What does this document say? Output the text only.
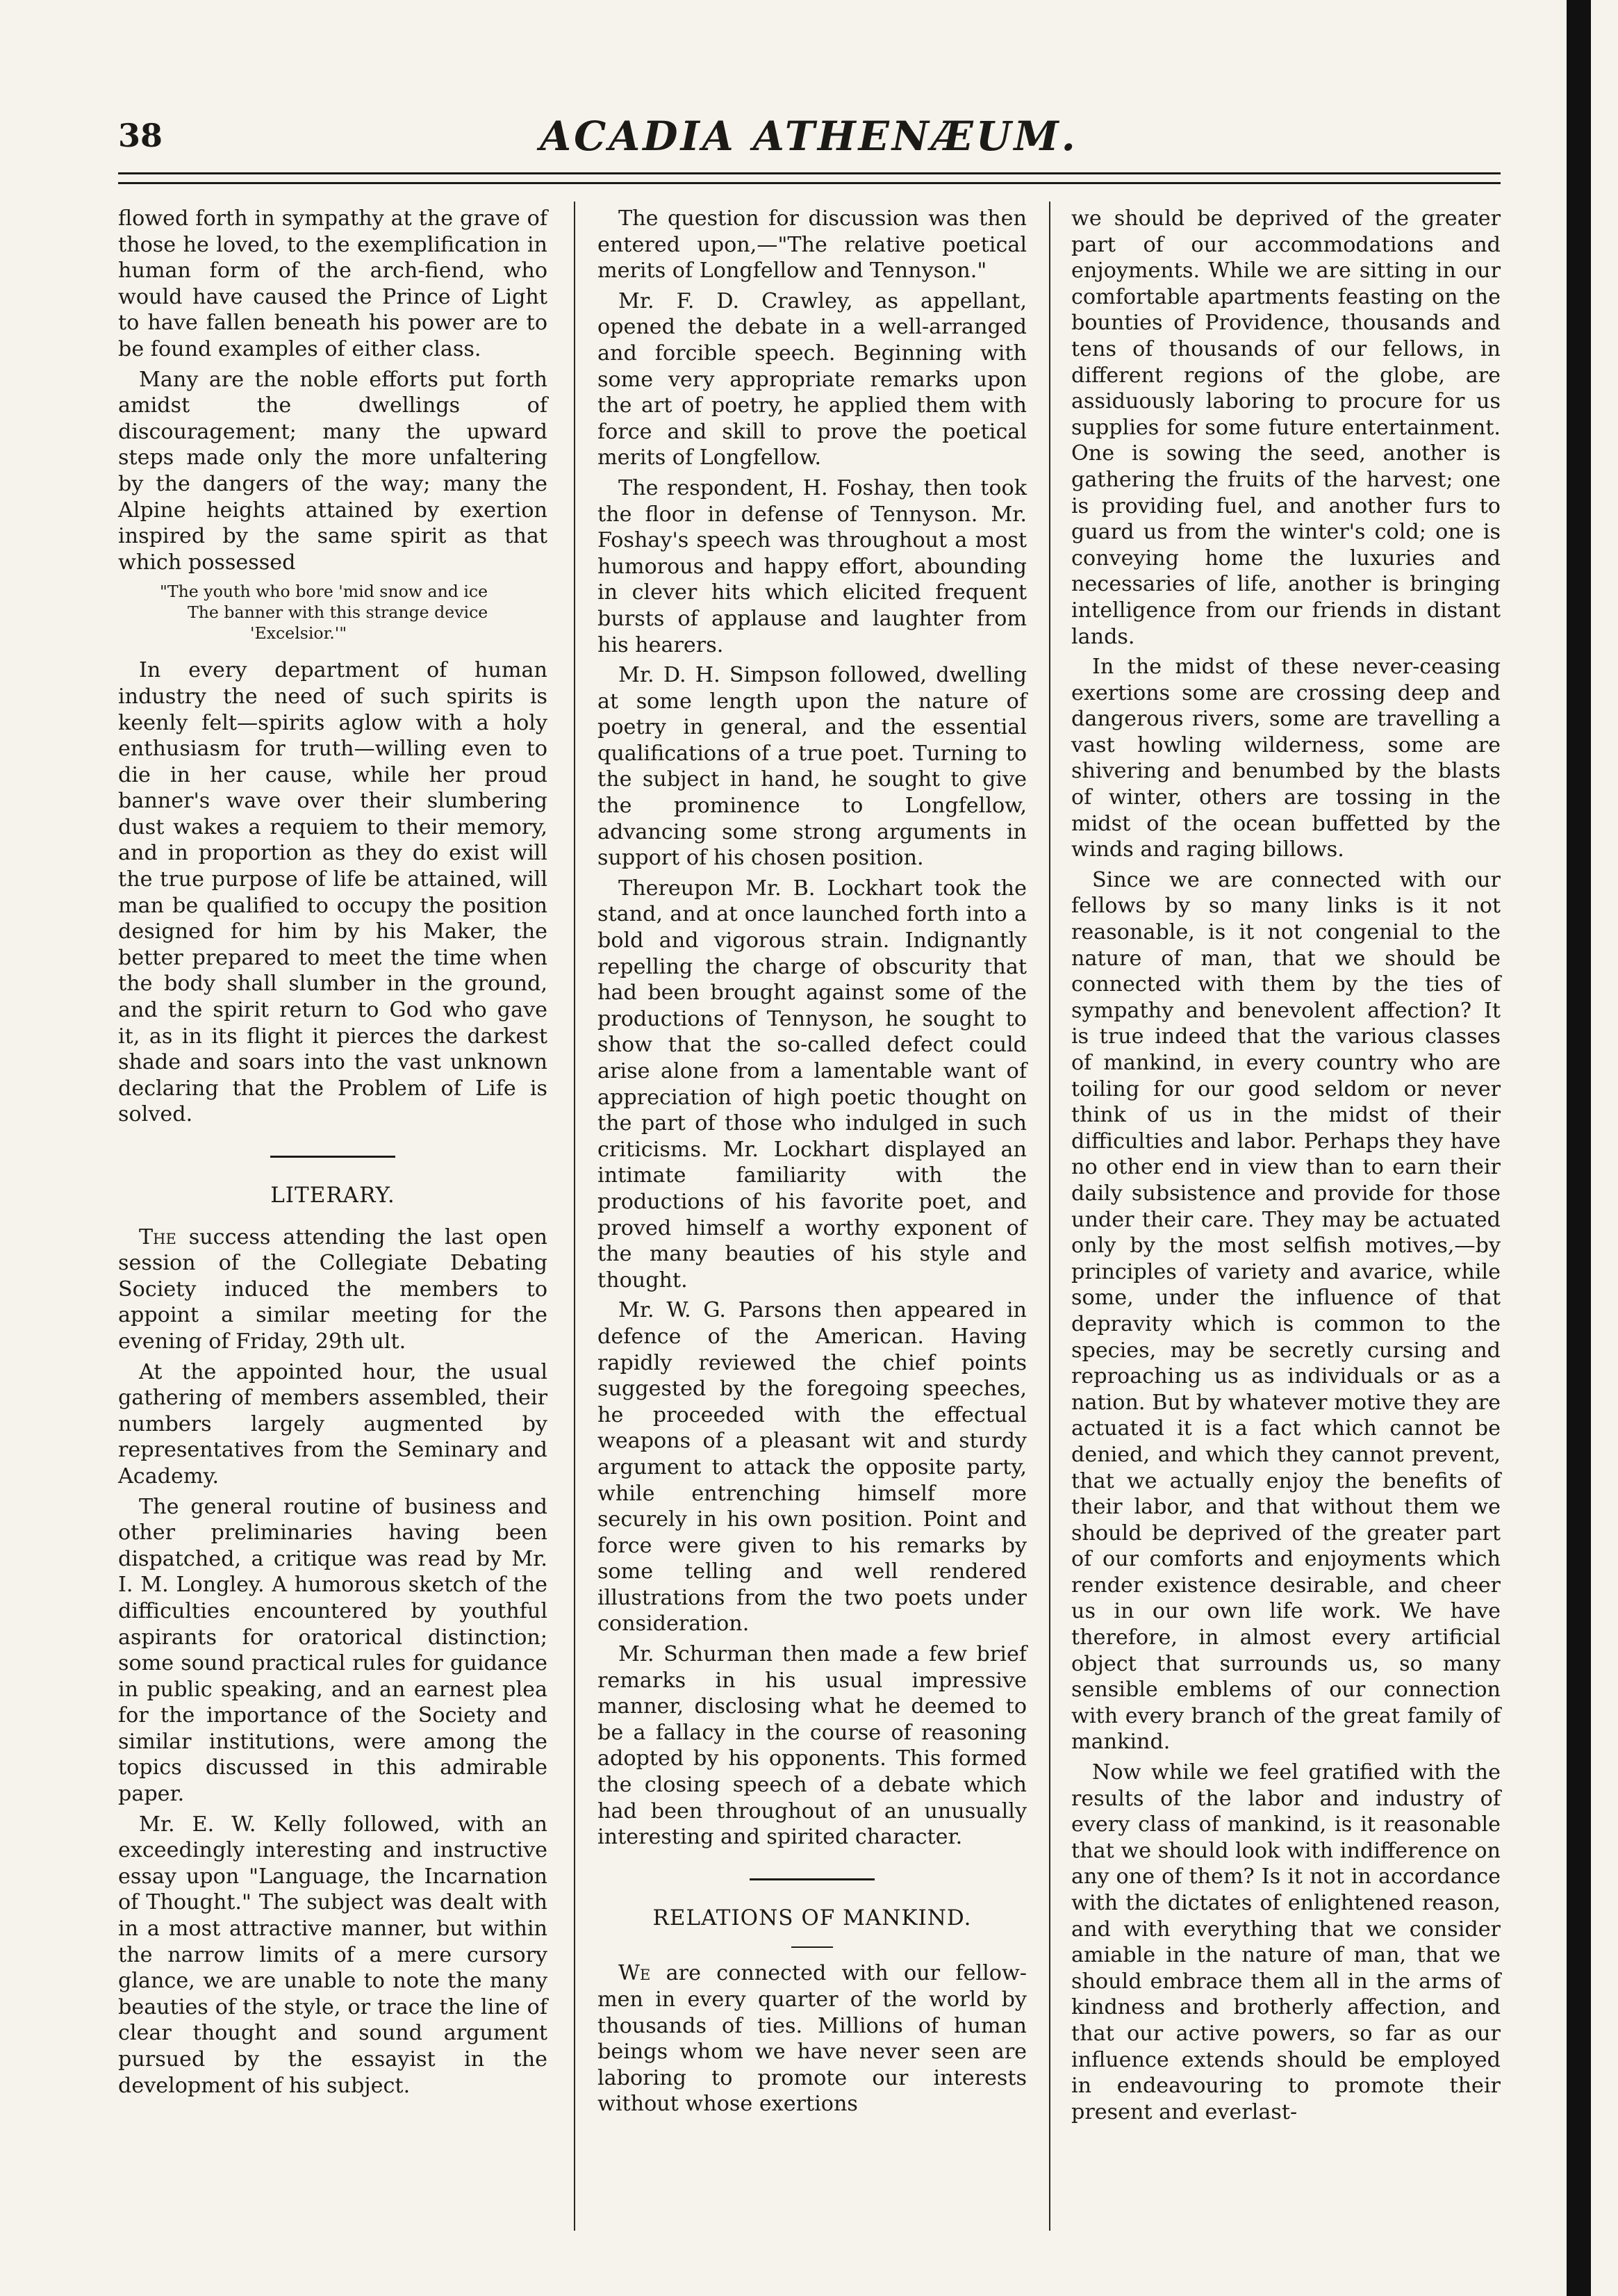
38	ACADIA ATHENÆUM.

flowed forth in sympathy at the grave of those he loved, to the exemplification in human form of the arch-fiend, who would have caused the Prince of Light to have fallen beneath his power are to be found examples of either class.

Many are the noble efforts put forth amidst the dwellings of discouragement; many the upward steps made only the more unfaltering by the dangers of the way; many the Alpine heights attained by exertion inspired by the same spirit as that which possessed

"The youth who bore 'mid snow and ice
The banner with this strange device
'Excelsior.'"

In every department of human industry the need of such spirits is keenly felt—spirits aglow with a holy enthusiasm for truth—willing even to die in her cause, while her proud banner's wave over their slumbering dust wakes a requiem to their memory, and in proportion as they do exist will the true purpose of life be attained, will man be qualified to occupy the position designed for him by his Maker, the better prepared to meet the time when the body shall slumber in the ground, and the spirit return to God who gave it, as in its flight it pierces the darkest shade and soars into the vast unknown declaring that the Problem of Life is solved.

LITERARY.

The success attending the last open session of the Collegiate Debating Society induced the members to appoint a similar meeting for the evening of Friday, 29th ult.

At the appointed hour, the usual gathering of members assembled, their numbers largely augmented by representatives from the Seminary and Academy.

The general routine of business and other preliminaries having been dispatched, a critique was read by Mr. I. M. Longley. A humorous sketch of the difficulties encountered by youthful aspirants for oratorical distinction; some sound practical rules for guidance in public speaking, and an earnest plea for the importance of the Society and similar institutions, were among the topics discussed in this admirable paper.

Mr. E. W. Kelly followed, with an exceedingly interesting and instructive essay upon "Language, the Incarnation of Thought." The subject was dealt with in a most attractive manner, but within the narrow limits of a mere cursory glance, we are unable to note the many beauties of the style, or trace the line of clear thought and sound argument pursued by the essayist in the development of his subject.

The question for discussion was then entered upon,—"The relative poetical merits of Longfellow and Tennyson."

Mr. F. D. Crawley, as appellant, opened the debate in a well-arranged and forcible speech. Beginning with some very appropriate remarks upon the art of poetry, he applied them with force and skill to prove the poetical merits of Longfellow.

The respondent, H. Foshay, then took the floor in defense of Tennyson. Mr. Foshay's speech was throughout a most humorous and happy effort, abounding in clever hits which elicited frequent bursts of applause and laughter from his hearers.

Mr. D. H. Simpson followed, dwelling at some length upon the nature of poetry in general, and the essential qualifications of a true poet. Turning to the subject in hand, he sought to give the prominence to Longfellow, advancing some strong arguments in support of his chosen position.

Thereupon Mr. B. Lockhart took the stand, and at once launched forth into a bold and vigorous strain. Indignantly repelling the charge of obscurity that had been brought against some of the productions of Tennyson, he sought to show that the so-called defect could arise alone from a lamentable want of appreciation of high poetic thought on the part of those who indulged in such criticisms. Mr. Lockhart displayed an intimate familiarity with the productions of his favorite poet, and proved himself a worthy exponent of the many beauties of his style and thought.

Mr. W. G. Parsons then appeared in defence of the American. Having rapidly reviewed the chief points suggested by the foregoing speeches, he proceeded with the effectual weapons of a pleasant wit and sturdy argument to attack the opposite party, while entrenching himself more securely in his own position. Point and force were given to his remarks by some telling and well rendered illustrations from the two poets under consideration.

Mr. Schurman then made a few brief remarks in his usual impressive manner, disclosing what he deemed to be a fallacy in the course of reasoning adopted by his opponents. This formed the closing speech of a debate which had been throughout of an unusually interesting and spirited character.

RELATIONS OF MANKIND.

We are connected with our fellow-men in every quarter of the world by thousands of ties. Millions of human beings whom we have never seen are laboring to promote our interests without whose exertions

we should be deprived of the greater part of our accommodations and enjoyments. While we are sitting in our comfortable apartments feasting on the bounties of Providence, thousands and tens of thousands of our fellows, in different regions of the globe, are assiduously laboring to procure for us supplies for some future entertainment. One is sowing the seed, another is gathering the fruits of the harvest; one is providing fuel, and another furs to guard us from the winter's cold; one is conveying home the luxuries and necessaries of life, another is bringing intelligence from our friends in distant lands.

In the midst of these never-ceasing exertions some are crossing deep and dangerous rivers, some are travelling a vast howling wilderness, some are shivering and benumbed by the blasts of winter, others are tossing in the midst of the ocean buffetted by the winds and raging billows.

Since we are connected with our fellows by so many links is it not reasonable, is it not congenial to the nature of man, that we should be connected with them by the ties of sympathy and benevolent affection? It is true indeed that the various classes of mankind, in every country who are toiling for our good seldom or never think of us in the midst of their difficulties and labor. Perhaps they have no other end in view than to earn their daily subsistence and provide for those under their care. They may be actuated only by the most selfish motives,—by principles of variety and avarice, while some, under the influence of that depravity which is common to the species, may be secretly cursing and reproaching us as individuals or as a nation. But by whatever motive they are actuated it is a fact which cannot be denied, and which they cannot prevent, that we actually enjoy the benefits of their labor, and that without them we should be deprived of the greater part of our comforts and enjoyments which render existence desirable, and cheer us in our own life work. We have therefore, in almost every artificial object that surrounds us, so many sensible emblems of our connection with every branch of the great family of mankind.

Now while we feel gratified with the results of the labor and industry of every class of mankind, is it reasonable that we should look with indifference on any one of them? Is it not in accordance with the dictates of enlightened reason, and with everything that we consider amiable in the nature of man, that we should embrace them all in the arms of kindness and brotherly affection, and that our active powers, so far as our influence extends should be employed in endeavouring to promote their present and everlast-
